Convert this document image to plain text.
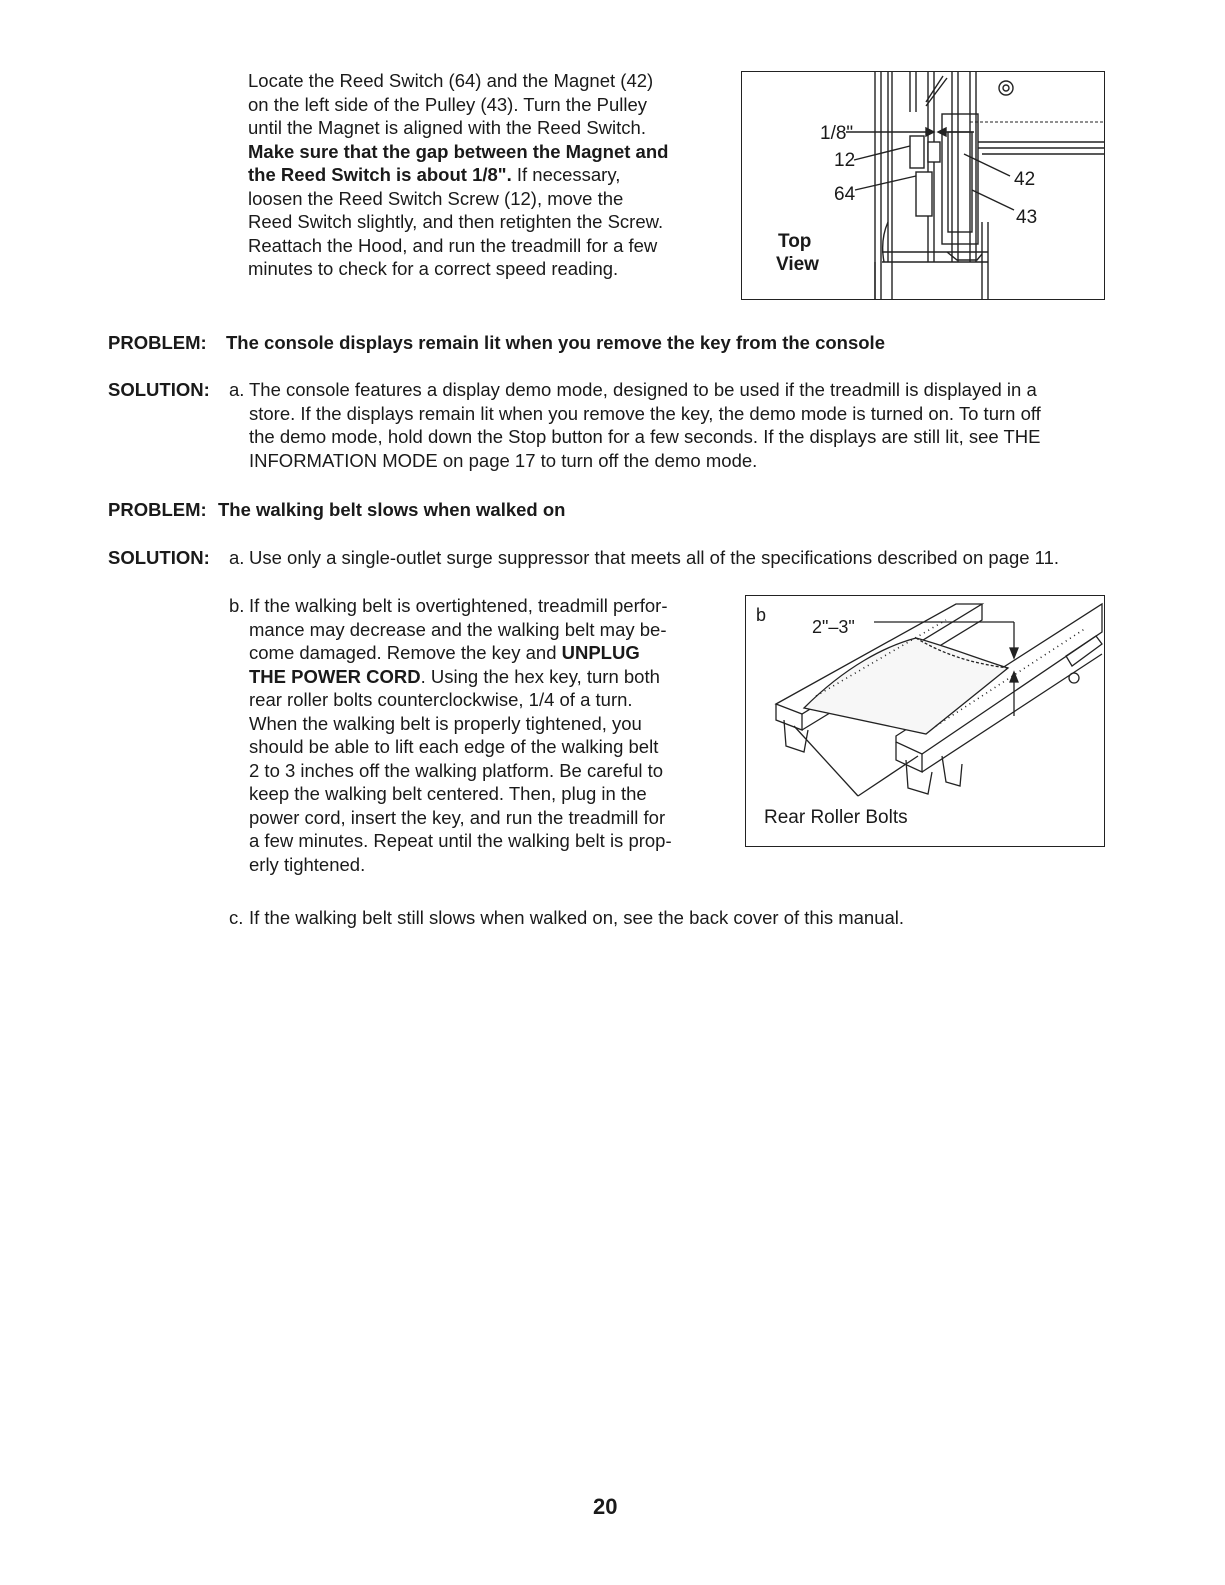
Locate the Reed Switch (64) and the Magnet (42)

on the left side of the Pulley (43). Turn the Pulley

until the Magnet is aligned with the Reed Switch.

Make sure that the gap between the Magnet and

the Reed Switch is about 1/8". If necessary,

loosen the Reed Switch Screw (12), move the

Reed Switch slightly, and then retighten the Screw.

Reattach the Hood, and run the treadmill for a few

minutes to check for a correct speed reading.

1/8"
12
64
42
43
Top
View
PROBLEM: The console displays remain lit when you remove the key from the console
SOLUTION: a. The console features a display demo mode, designed to be used if the treadmill is displayed in a

store. If the displays remain lit when you remove the key, the demo mode is turned on. To turn off

the demo mode, hold down the Stop button for a few seconds. If the displays are still lit, see THE

INFORMATION MODE on page 17 to turn off the demo mode.

PROBLEM: The walking belt slows when walked on
SOLUTION: a. Use only a single-outlet surge suppressor that meets all of the specifications described on page 11.
b. If the walking belt is overtightened, treadmill perfor-

mance may decrease and the walking belt may be-

come damaged. Remove the key and UNPLUG

THE POWER CORD. Using the hex key, turn both

rear roller bolts counterclockwise, 1/4 of a turn.

When the walking belt is properly tightened, you

should be able to lift each edge of the walking belt

2 to 3 inches off the walking platform. Be careful to

keep the walking belt centered. Then, plug in the

power cord, insert the key, and run the treadmill for

a few minutes. Repeat until the walking belt is prop-

erly tightened.

b
2"–3"
Rear Roller Bolts
c. If the walking belt still slows when walked on, see the back cover of this manual.
20
